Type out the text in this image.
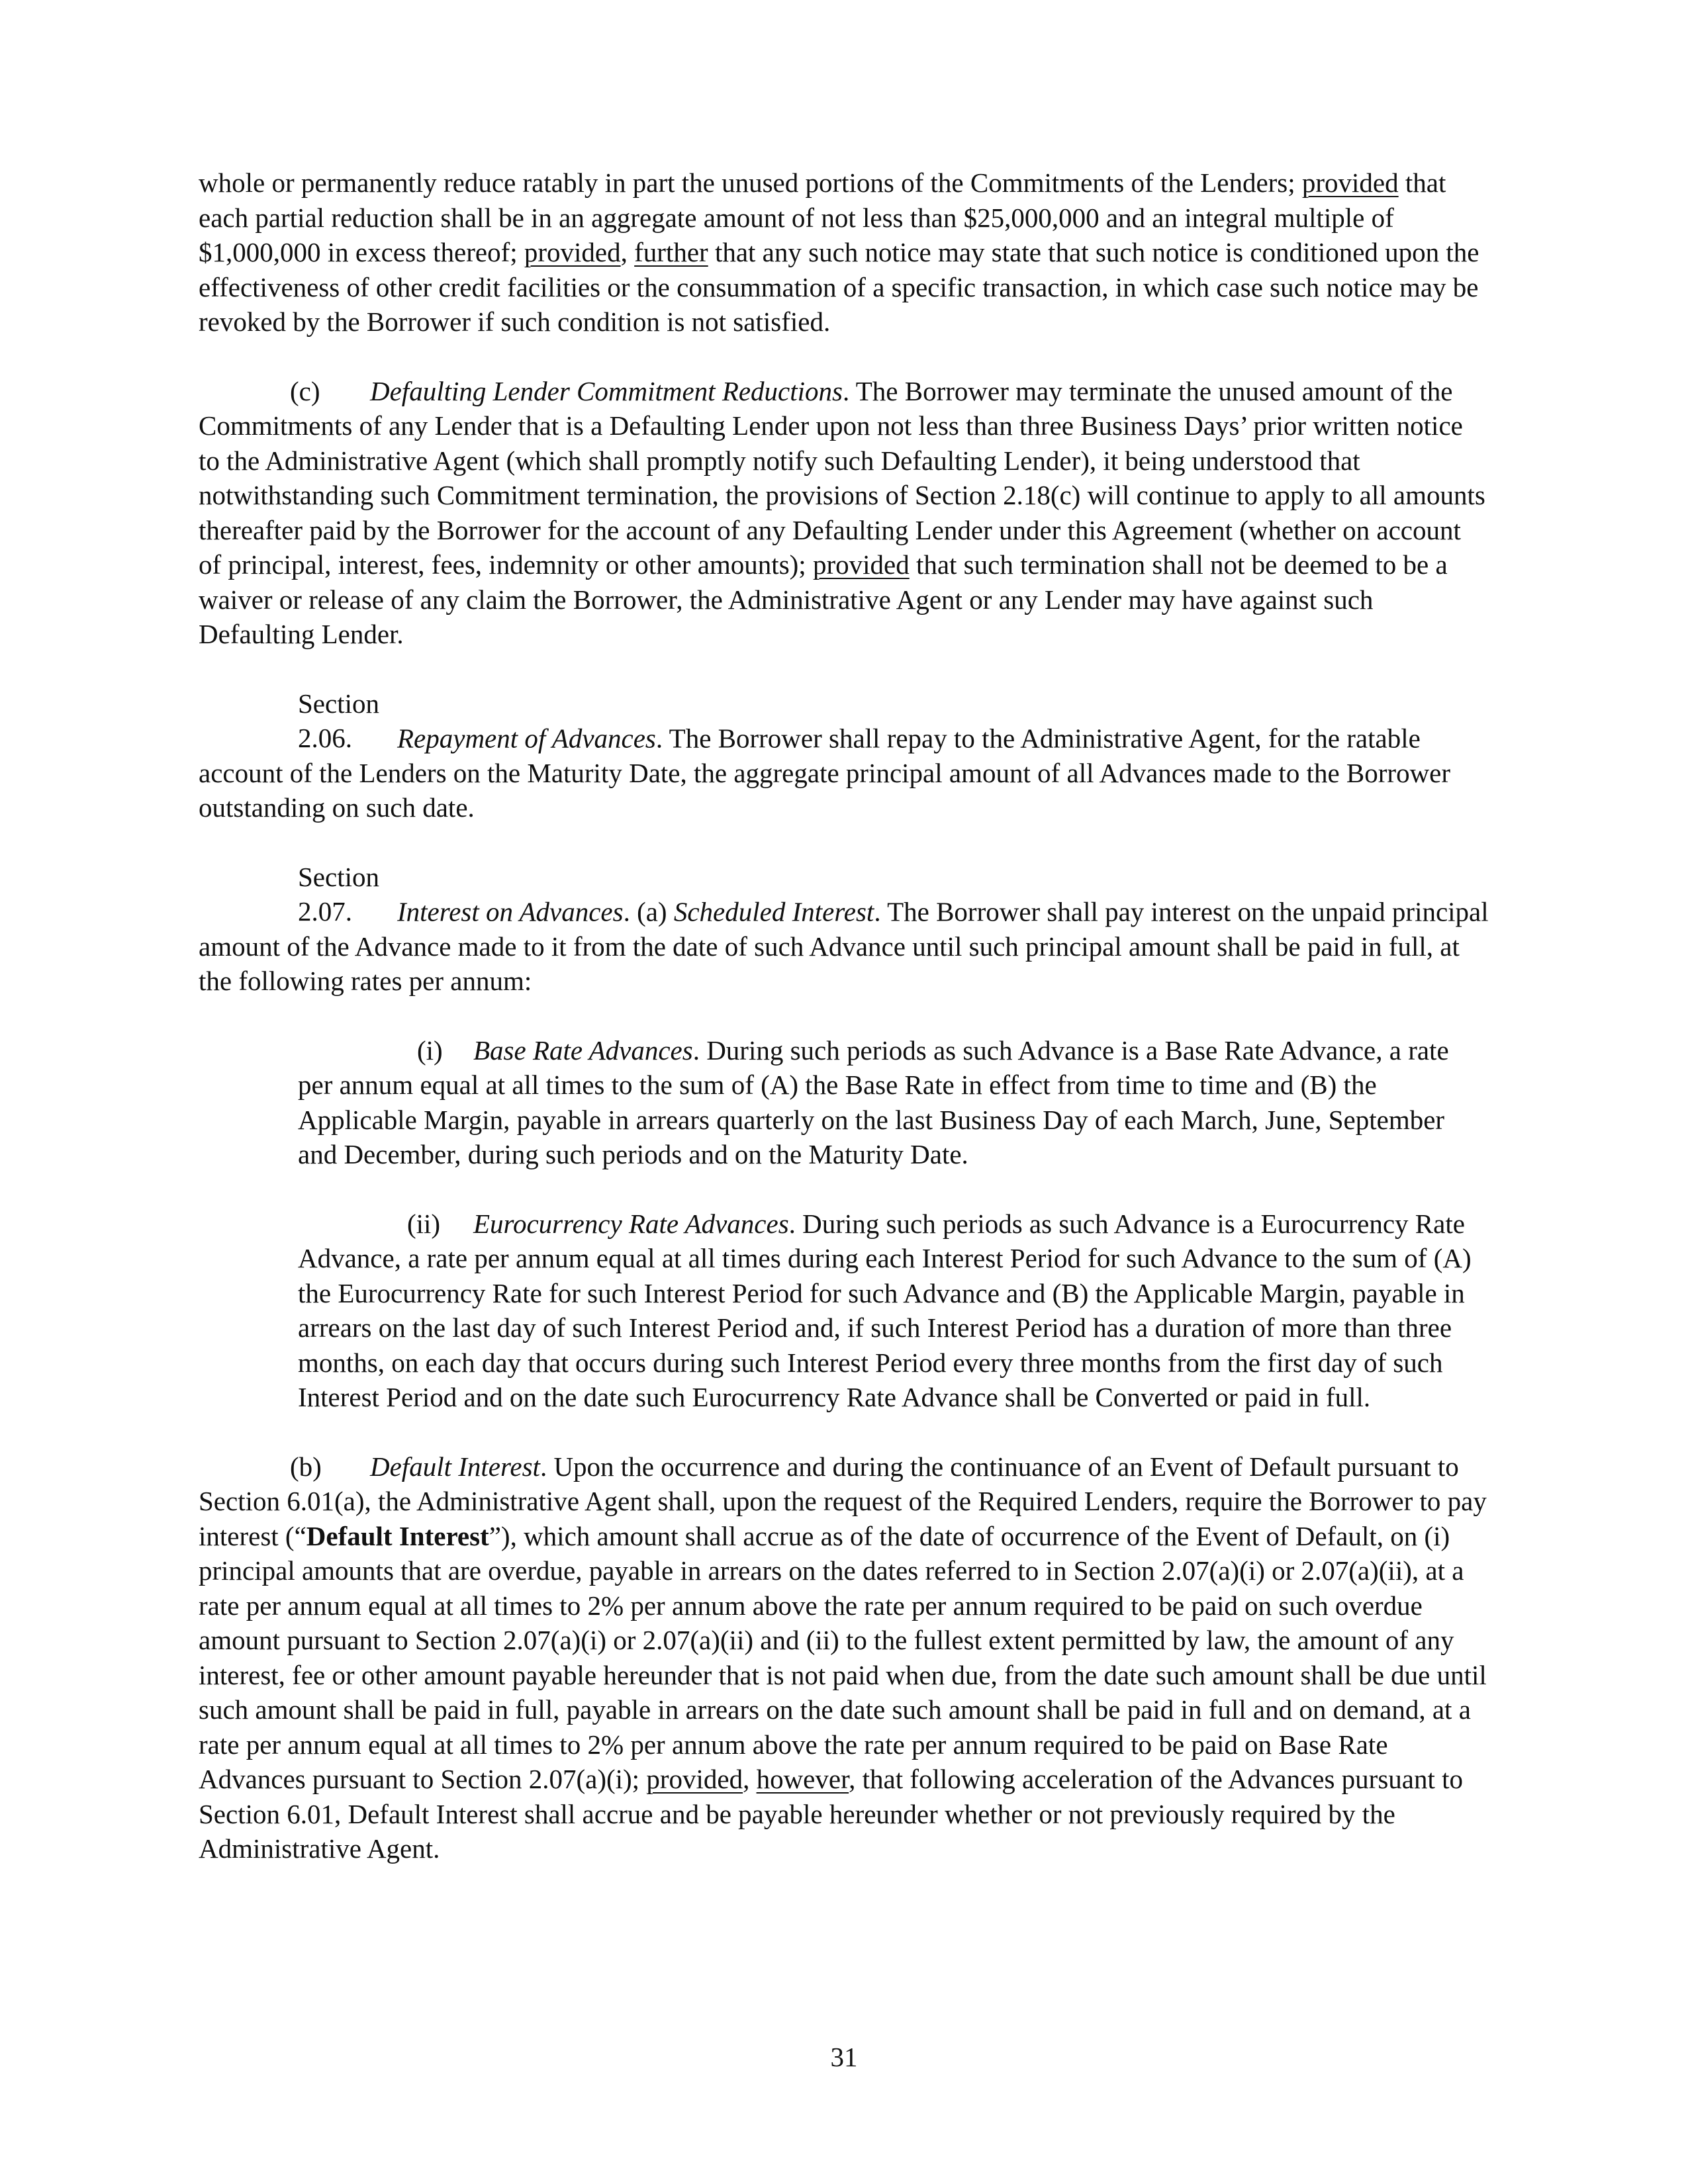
whole or permanently reduce ratably in part the unused portions of the Commitments of the Lenders; provided that each partial reduction shall be in an aggregate amount of not less than $25,000,000 and an integral multiple of $1,000,000 in excess thereof; provided, further that any such notice may state that such notice is conditioned upon the effectiveness of other credit facilities or the consummation of a specific transaction, in which case such notice may be revoked by the Borrower if such condition is not satisfied.

(c) Defaulting Lender Commitment Reductions. The Borrower may terminate the unused amount of the Commitments of any Lender that is a Defaulting Lender upon not less than three Business Days’ prior written notice to the Administrative Agent (which shall promptly notify such Defaulting Lender), it being understood that notwithstanding such Commitment termination, the provisions of Section 2.18(c) will continue to apply to all amounts thereafter paid by the Borrower for the account of any Defaulting Lender under this Agreement (whether on account of principal, interest, fees, indemnity or other amounts); provided that such termination shall not be deemed to be a waiver or release of any claim the Borrower, the Administrative Agent or any Lender may have against such Defaulting Lender.

Section 2.06. Repayment of Advances. The Borrower shall repay to the Administrative Agent, for the ratable account of the Lenders on the Maturity Date, the aggregate principal amount of all Advances made to the Borrower outstanding on such date.

Section 2.07. Interest on Advances. (a) Scheduled Interest. The Borrower shall pay interest on the unpaid principal amount of the Advance made to it from the date of such Advance until such principal amount shall be paid in full, at the following rates per annum:

(i) Base Rate Advances. During such periods as such Advance is a Base Rate Advance, a rate per annum equal at all times to the sum of (A) the Base Rate in effect from time to time and (B) the Applicable Margin, payable in arrears quarterly on the last Business Day of each March, June, September and December, during such periods and on the Maturity Date.

(ii) Eurocurrency Rate Advances. During such periods as such Advance is a Eurocurrency Rate Advance, a rate per annum equal at all times during each Interest Period for such Advance to the sum of (A) the Eurocurrency Rate for such Interest Period for such Advance and (B) the Applicable Margin, payable in arrears on the last day of such Interest Period and, if such Interest Period has a duration of more than three months, on each day that occurs during such Interest Period every three months from the first day of such Interest Period and on the date such Eurocurrency Rate Advance shall be Converted or paid in full.

(b) Default Interest. Upon the occurrence and during the continuance of an Event of Default pursuant to Section 6.01(a), the Administrative Agent shall, upon the request of the Required Lenders, require the Borrower to pay interest (“Default Interest”), which amount shall accrue as of the date of occurrence of the Event of Default, on (i) principal amounts that are overdue, payable in arrears on the dates referred to in Section 2.07(a)(i) or 2.07(a)(ii), at a rate per annum equal at all times to 2% per annum above the rate per annum required to be paid on such overdue amount pursuant to Section 2.07(a)(i) or 2.07(a)(ii) and (ii) to the fullest extent permitted by law, the amount of any interest, fee or other amount payable hereunder that is not paid when due, from the date such amount shall be due until such amount shall be paid in full, payable in arrears on the date such amount shall be paid in full and on demand, at a rate per annum equal at all times to 2% per annum above the rate per annum required to be paid on Base Rate Advances pursuant to Section 2.07(a)(i); provided, however, that following acceleration of the Advances pursuant to Section 6.01, Default Interest shall accrue and be payable hereunder whether or not previously required by the Administrative Agent.

31
